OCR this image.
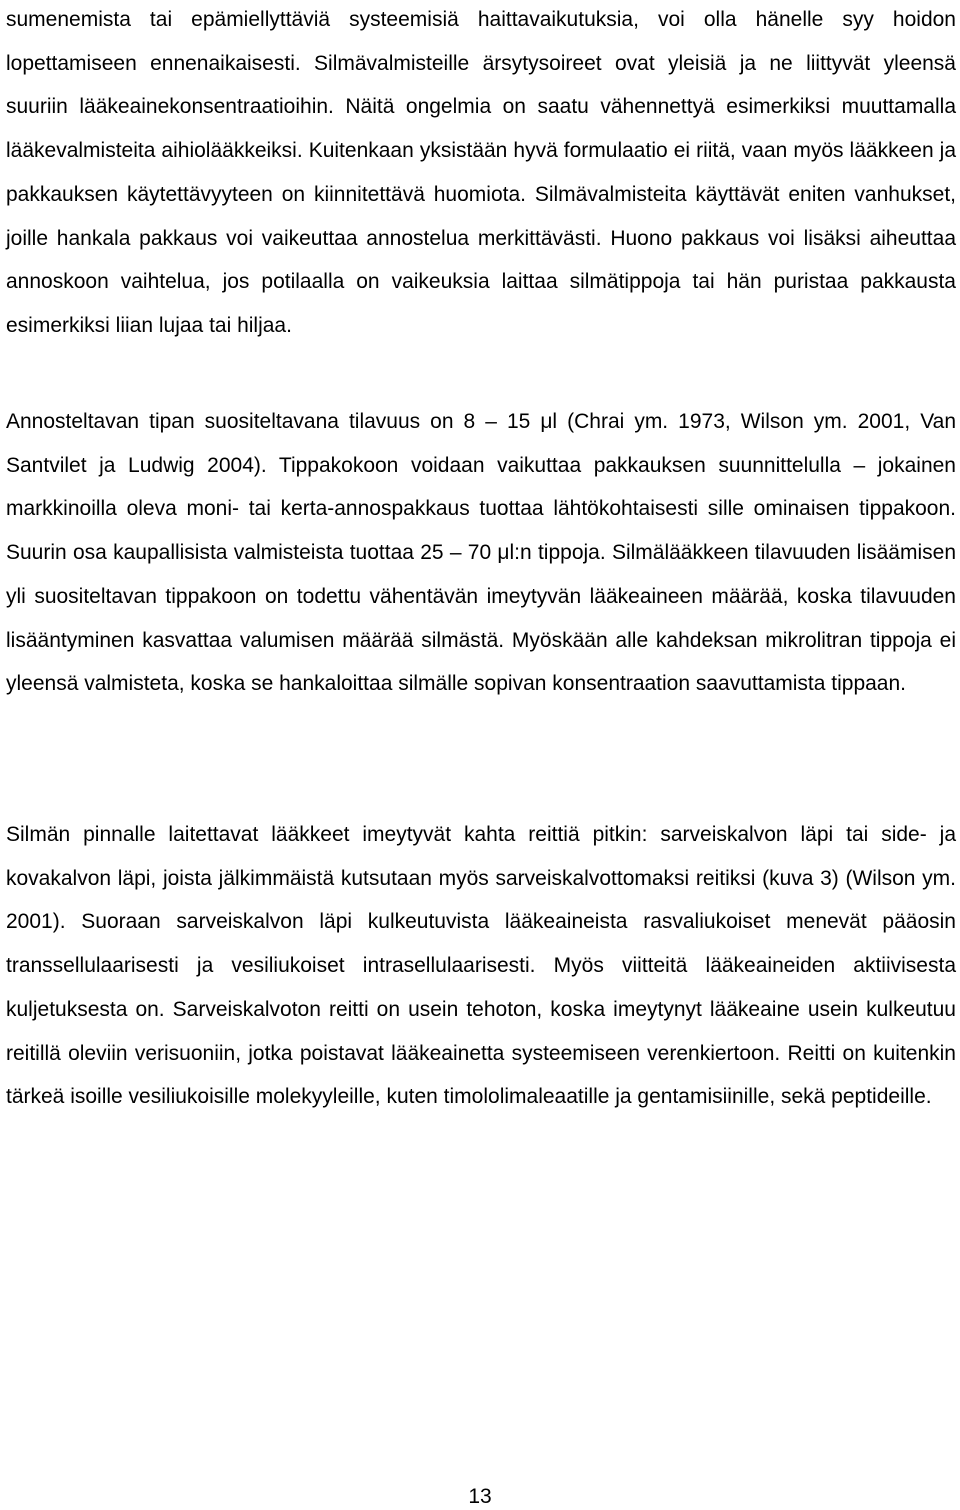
sumenemista tai epämiellyttäviä systeemisiä haittavaikutuksia, voi olla hänelle syy hoidon lopettamiseen ennenaikaisesti. Silmävalmisteille ärsytysoireet ovat yleisiä ja ne liittyvät yleensä suuriin lääkeainekonsentraatioihin. Näitä ongelmia on saatu vähennettyä esimerkiksi muuttamalla lääkevalmisteita aihiolääkkeiksi. Kuitenkaan yksistään hyvä formulaatio ei riitä, vaan myös lääkkeen ja pakkauksen käytettävyyteen on kiinnitettävä huomiota. Silmävalmisteita käyttävät eniten vanhukset, joille hankala pakkaus voi vaikeuttaa annostelua merkittävästi. Huono pakkaus voi lisäksi aiheuttaa annoskoon vaihtelua, jos potilaalla on vaikeuksia laittaa silmätippoja tai hän puristaa pakkausta esimerkiksi liian lujaa tai hiljaa.

Annosteltavan tipan suositeltavana tilavuus on 8 – 15 μl (Chrai ym. 1973, Wilson ym. 2001, Van Santvilet ja Ludwig 2004). Tippakokoon voidaan vaikuttaa pakkauksen suunnittelulla – jokainen markkinoilla oleva moni- tai kerta-annospakkaus tuottaa lähtökohtaisesti sille ominaisen tippakoon. Suurin osa kaupallisista valmisteista tuottaa 25 – 70 μl:n tippoja. Silmälääkkeen tilavuuden lisäämisen yli suositeltavan tippakoon on todettu vähentävän imeytyvän lääkeaineen määrää, koska tilavuuden lisääntyminen kasvattaa valumisen määrää silmästä. Myöskään alle kahdeksan mikrolitran tippoja ei yleensä valmisteta, koska se hankaloittaa silmälle sopivan konsentraation saavuttamista tippaan.

Silmän pinnalle laitettavat lääkkeet imeytyvät kahta reittiä pitkin: sarveiskalvon läpi tai side- ja kovakalvon läpi, joista jälkimmäistä kutsutaan myös sarveiskalvottomaksi reitiksi (kuva 3) (Wilson ym. 2001). Suoraan sarveiskalvon läpi kulkeutuvista lääkeaineista rasvaliukoiset menevät pääosin transsellulaarisesti ja vesiliukoiset intrasellulaarisesti. Myös viitteitä lääkeaineiden aktiivisesta kuljetuksesta on. Sarveiskalvoton reitti on usein tehoton, koska imeytynyt lääkeaine usein kulkeutuu reitillä oleviin verisuoniin, jotka poistavat lääkeainetta systeemiseen verenkiertoon. Reitti on kuitenkin tärkeä isoille vesiliukoisille molekyyleille, kuten timololimaleaatille ja gentamisiinille, sekä peptideille.

13
